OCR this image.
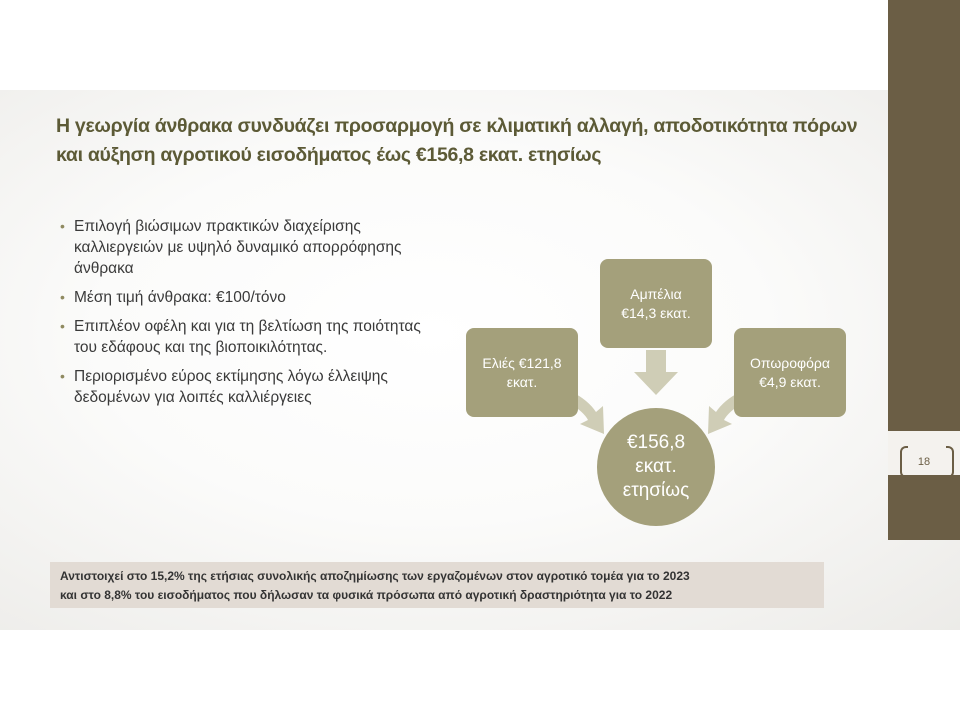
18
Η γεωργία άνθρακα συνδυάζει προσαρμογή σε κλιματική αλλαγή, αποδοτικότητα πόρων και αύξηση αγροτικού εισοδήματος έως €156,8 εκατ. ετησίως
• Επιλογή βιώσιμων πρακτικών διαχείρισης καλλιεργειών με υψηλό δυναμικό απορρόφησης άνθρακα
• Μέση τιμή άνθρακα: €100/τόνο
• Επιπλέον οφέλη και για τη βελτίωση της ποιότητας του εδάφους και της βιοποικιλότητας.
• Περιορισμένο εύρος εκτίμησης λόγω έλλειψης δεδομένων για λοιπές καλλιέργειες
Ελιές €121,8
εκατ.
Αμπέλια
€14,3 εκατ.
Οπωροφόρα
€4,9 εκατ.
€156,8
εκατ.
ετησίως
Αντιστοιχεί στο 15,2% της ετήσιας συνολικής αποζημίωσης των εργαζομένων στον αγροτικό τομέα για το 2023
και στο 8,8% του εισοδήματος που δήλωσαν τα φυσικά πρόσωπα από αγροτική δραστηριότητα για το 2022
